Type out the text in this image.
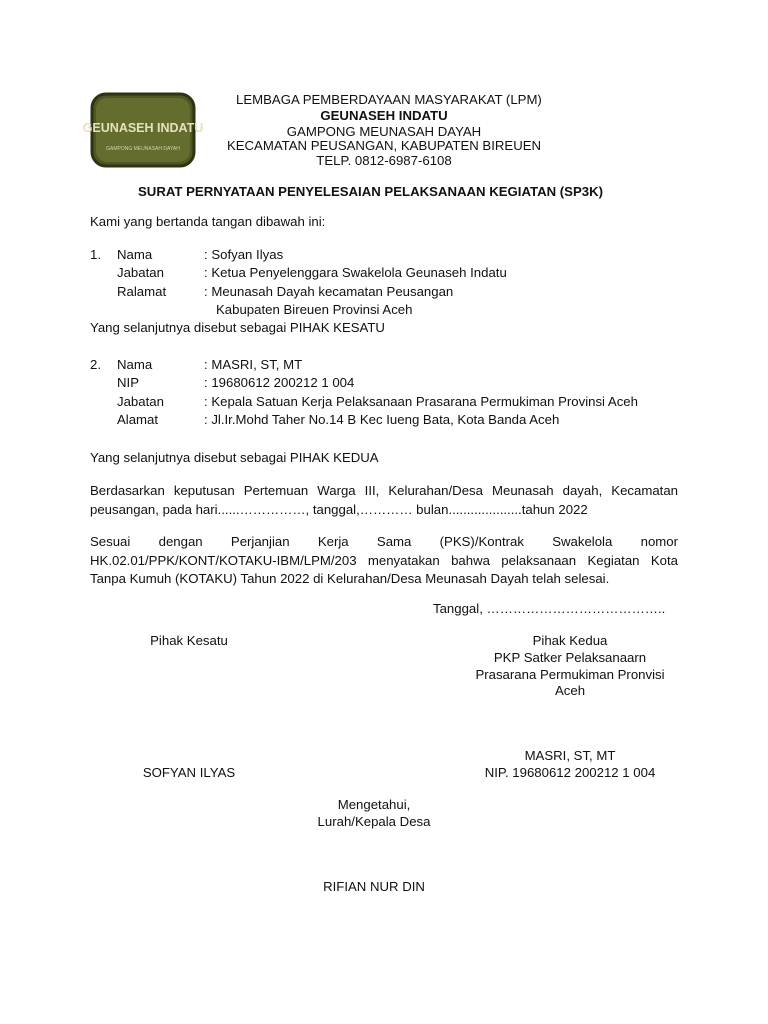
GEUNASEH INDATU
GAMPONG MEUNASAH DAYAH
LEMBAGA PEMBERDAYAAN MASYARAKAT (LPM)
GEUNASEH INDATU
GAMPONG MEUNASAH DAYAH
KECAMATAN PEUSANGAN, KABUPATEN BIREUEN
TELP. 0812-6987-6108
SURAT PERNYATAAN PENYELESAIAN PELAKSANAAN KEGIATAN (SP3K)
Kami yang bertanda tangan dibawah ini:
1. Nama	: Sofyan Ilyas
Jabatan	: Ketua Penyelenggara Swakelola Geunaseh Indatu
Ralamat	: Meunasah Dayah kecamatan Peusangan
Kabupaten Bireuen Provinsi Aceh
Yang selanjutnya disebut sebagai PIHAK KESATU
2. Nama	: MASRI, ST, MT
NIP	: 19680612 200212 1 004
Jabatan	: Kepala Satuan Kerja Pelaksanaan Prasarana Permukiman Provinsi Aceh
Alamat	: Jl.Ir.Mohd Taher No.14 B Kec Iueng Bata, Kota Banda Aceh
Yang selanjutnya disebut sebagai PIHAK KEDUA
Berdasarkan keputusan Pertemuan Warga III, Kelurahan/Desa Meunasah dayah, Kecamatan peusangan, pada hari......……………, tanggal,………… bulan....................tahun 2022
Sesuai dengan Perjanjian Kerja Sama (PKS)/Kontrak Swakelola nomor HK.02.01/PPK/KONT/KOTAKU-IBM/LPM/203 menyatakan bahwa pelaksanaan Kegiatan Kota Tanpa Kumuh (KOTAKU) Tahun 2022 di Kelurahan/Desa Meunasah Dayah telah selesai.
Tanggal, …………………………………..
Pihak Kesatu
SOFYAN ILYAS
Pihak Kedua
PKP Satker Pelaksanaarn
Prasarana Permukiman Pronvisi
Aceh
MASRI, ST, MT
NIP. 19680612 200212 1 004
Mengetahui,
Lurah/Kepala Desa
RIFIAN NUR DIN
